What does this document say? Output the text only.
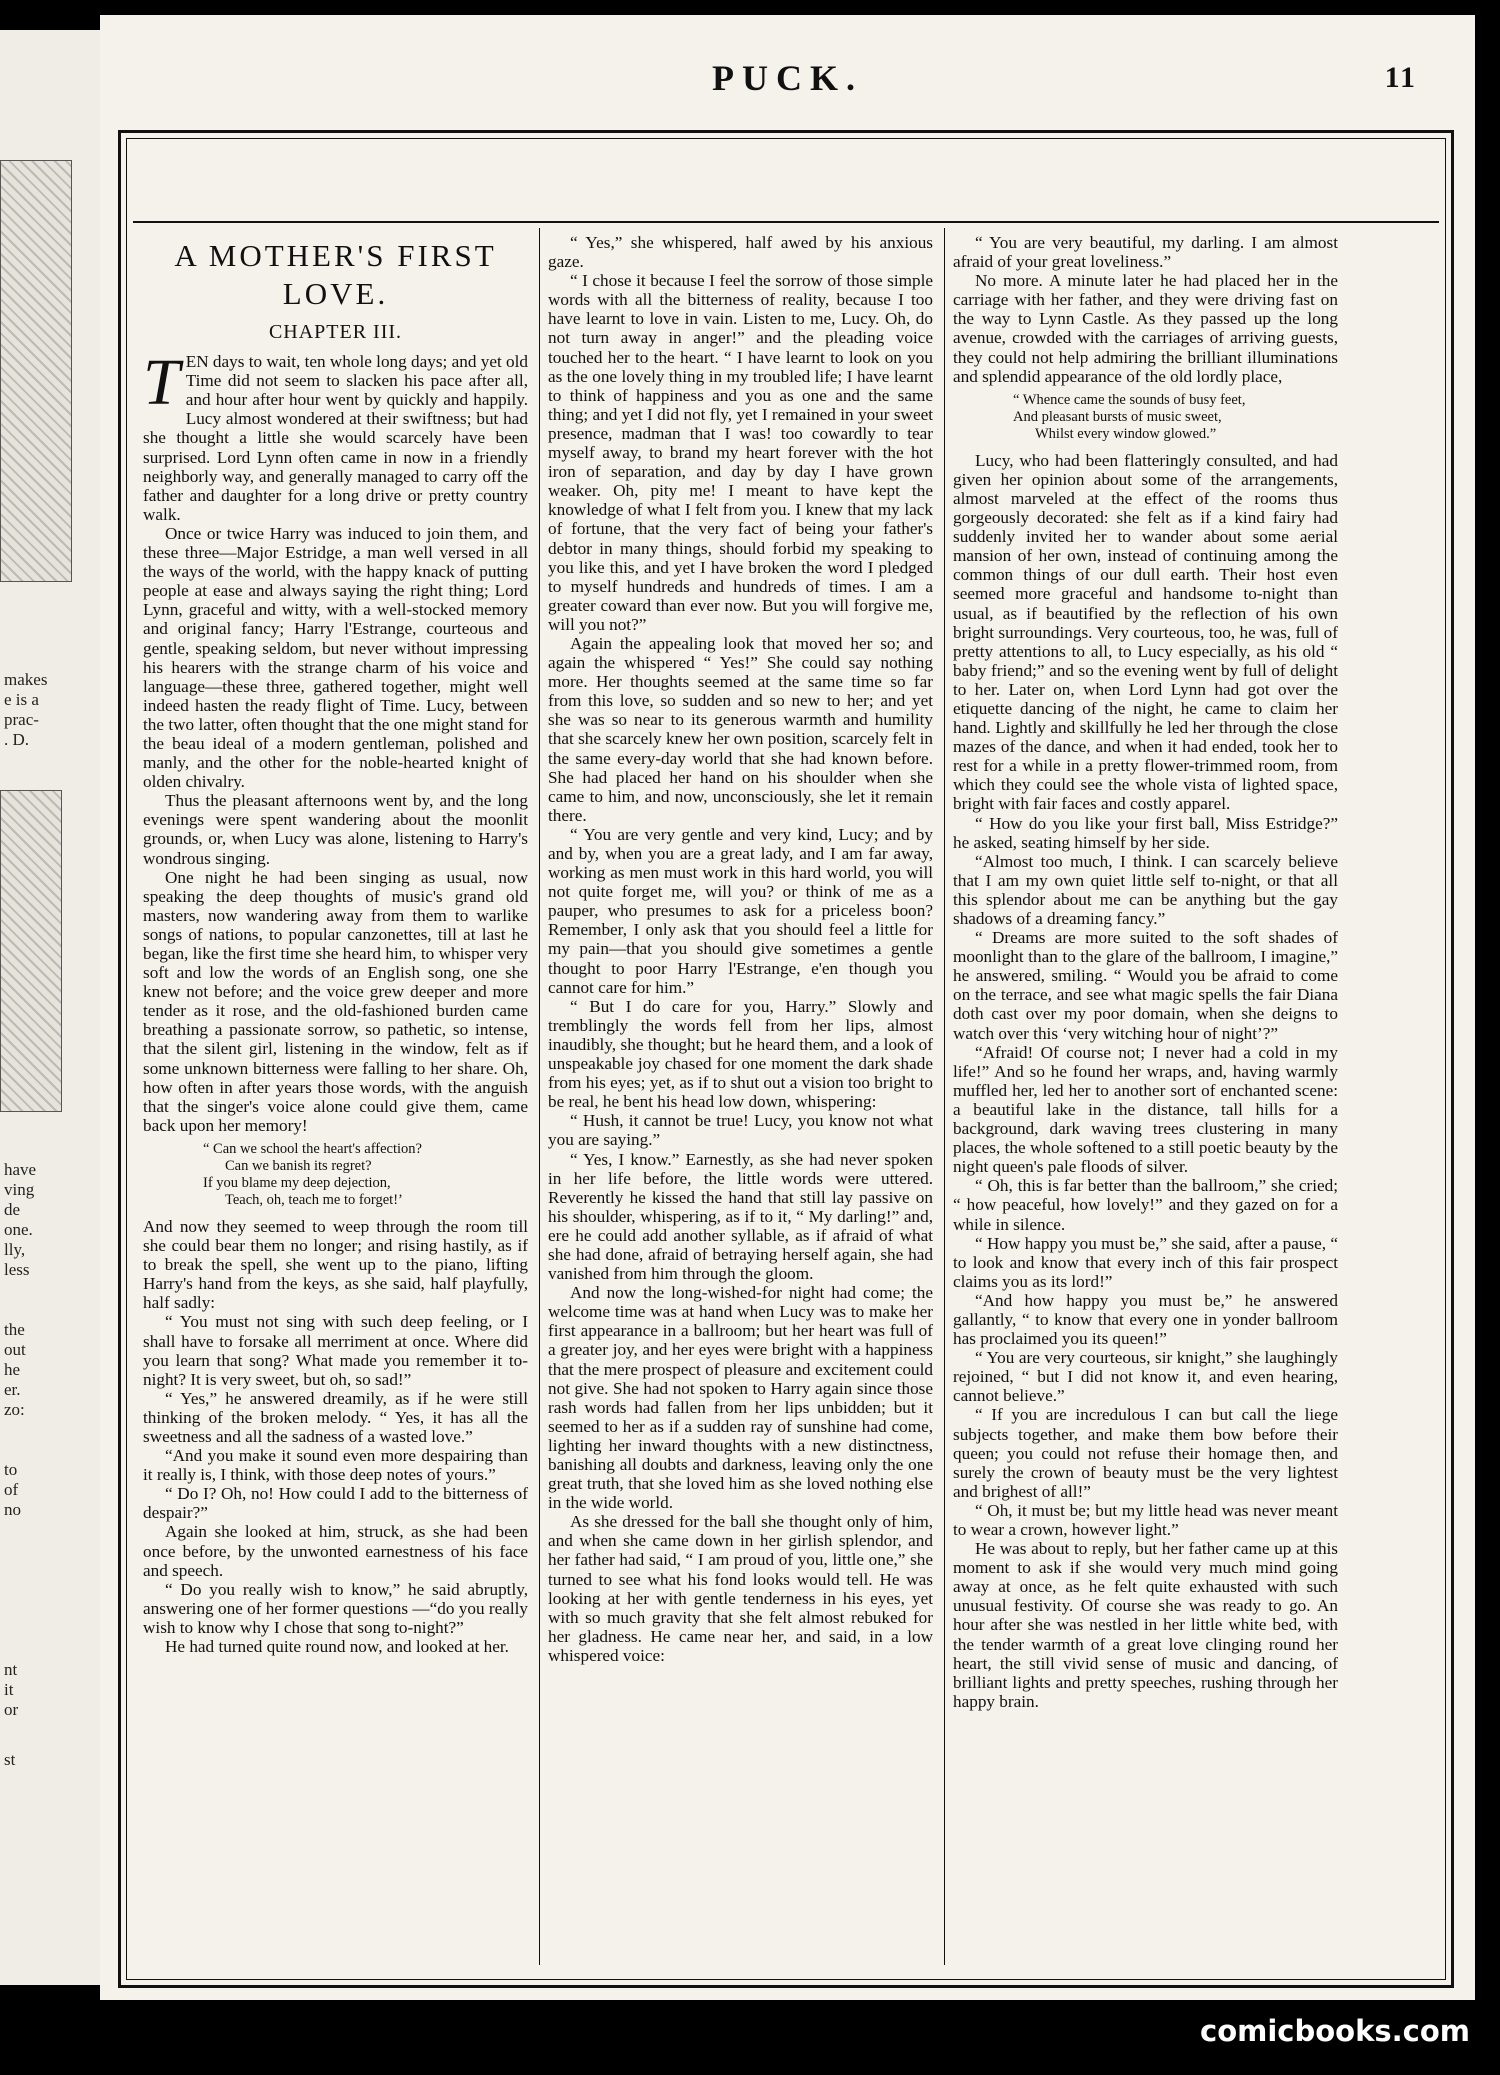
makes
e is a
prac-
. D.
have
ving
de
one.
lly,
less
the
out
he
er.
zo:
to
of
no
nt
it
or
st
PUCK.	11
A MOTHER'S FIRST LOVE.
CHAPTER III.
T EN days to wait, ten whole long days; and yet old Time did not seem to slacken his pace after all, and hour after hour went by quickly and happily. Lucy almost wondered at their swiftness; but had she thought a little she would scarcely have been surprised. Lord Lynn often came in now in a friendly neighborly way, and generally managed to carry off the father and daughter for a long drive or pretty country walk.

Once or twice Harry was induced to join them, and these three—Major Estridge, a man well versed in all the ways of the world, with the happy knack of putting people at ease and always saying the right thing; Lord Lynn, graceful and witty, with a well-stocked memory and original fancy; Harry l'Estrange, courteous and gentle, speaking seldom, but never without impressing his hearers with the strange charm of his voice and language—these three, gathered together, might well indeed hasten the ready flight of Time. Lucy, between the two latter, often thought that the one might stand for the beau ideal of a modern gentleman, polished and manly, and the other for the noble-hearted knight of olden chivalry.

Thus the pleasant afternoons went by, and the long evenings were spent wandering about the moonlit grounds, or, when Lucy was alone, listening to Harry's wondrous singing.

One night he had been singing as usual, now speaking the deep thoughts of music's grand old masters, now wandering away from them to warlike songs of nations, to popular canzonettes, till at last he began, like the first time she heard him, to whisper very soft and low the words of an English song, one she knew not before; and the voice grew deeper and more tender as it rose, and the old-fashioned burden came breathing a passionate sorrow, so pathetic, so intense, that the silent girl, listening in the window, felt as if some unknown bitterness were falling to her share. Oh, how often in after years those words, with the anguish that the singer's voice alone could give them, came back upon her memory!

“ Can we school the heart's affection?
Can we banish its regret?
If you blame my deep dejection,
Teach, oh, teach me to forget!’

And now they seemed to weep through the room till she could bear them no longer; and rising hastily, as if to break the spell, she went up to the piano, lifting Harry's hand from the keys, as she said, half playfully, half sadly:

“ You must not sing with such deep feeling, or I shall have to forsake all merriment at once. Where did you learn that song? What made you remember it to-night? It is very sweet, but oh, so sad!”

“ Yes,” he answered dreamily, as if he were still thinking of the broken melody. “ Yes, it has all the sweetness and all the sadness of a wasted love.”

“And you make it sound even more despairing than it really is, I think, with those deep notes of yours.”

“ Do I? Oh, no! How could I add to the bitterness of despair?”

Again she looked at him, struck, as she had been once before, by the unwonted earnestness of his face and speech.

“ Do you really wish to know,” he said abruptly, answering one of her former questions —“do you really wish to know why I chose that song to-night?”

He had turned quite round now, and looked at her.

“ Yes,” she whispered, half awed by his anxious gaze.

“ I chose it because I feel the sorrow of those simple words with all the bitterness of reality, because I too have learnt to love in vain. Listen to me, Lucy. Oh, do not turn away in anger!” and the pleading voice touched her to the heart. “ I have learnt to look on you as the one lovely thing in my troubled life; I have learnt to think of happiness and you as one and the same thing; and yet I did not fly, yet I remained in your sweet presence, madman that I was! too cowardly to tear myself away, to brand my heart forever with the hot iron of separation, and day by day I have grown weaker. Oh, pity me! I meant to have kept the knowledge of what I felt from you. I knew that my lack of fortune, that the very fact of being your father's debtor in many things, should forbid my speaking to you like this, and yet I have broken the word I pledged to myself hundreds and hundreds of times. I am a greater coward than ever now. But you will forgive me, will you not?”

Again the appealing look that moved her so; and again the whispered “ Yes!” She could say nothing more. Her thoughts seemed at the same time so far from this love, so sudden and so new to her; and yet she was so near to its generous warmth and humility that she scarcely knew her own position, scarcely felt in the same every-day world that she had known before. She had placed her hand on his shoulder when she came to him, and now, unconsciously, she let it remain there.

“ You are very gentle and very kind, Lucy; and by and by, when you are a great lady, and I am far away, working as men must work in this hard world, you will not quite forget me, will you? or think of me as a pauper, who presumes to ask for a priceless boon? Remember, I only ask that you should feel a little for my pain—that you should give sometimes a gentle thought to poor Harry l'Estrange, e'en though you cannot care for him.”

“ But I do care for you, Harry.” Slowly and tremblingly the words fell from her lips, almost inaudibly, she thought; but he heard them, and a look of unspeakable joy chased for one moment the dark shade from his eyes; yet, as if to shut out a vision too bright to be real, he bent his head low down, whispering:

“ Hush, it cannot be true! Lucy, you know not what you are saying.”

“ Yes, I know.” Earnestly, as she had never spoken in her life before, the little words were uttered. Reverently he kissed the hand that still lay passive on his shoulder, whispering, as if to it, “ My darling!” and, ere he could add another syllable, as if afraid of what she had done, afraid of betraying herself again, she had vanished from him through the gloom.

And now the long-wished-for night had come; the welcome time was at hand when Lucy was to make her first appearance in a ballroom; but her heart was full of a greater joy, and her eyes were bright with a happiness that the mere prospect of pleasure and excitement could not give. She had not spoken to Harry again since those rash words had fallen from her lips unbidden; but it seemed to her as if a sudden ray of sunshine had come, lighting her inward thoughts with a new distinctness, banishing all doubts and darkness, leaving only the one great truth, that she loved him as she loved nothing else in the wide world.

As she dressed for the ball she thought only of him, and when she came down in her girlish splendor, and her father had said, “ I am proud of you, little one,” she turned to see what his fond looks would tell. He was looking at her with gentle tenderness in his eyes, yet with so much gravity that she felt almost rebuked for her gladness. He came near her, and said, in a low whispered voice:

“ You are very beautiful, my darling. I am almost afraid of your great loveliness.”

No more. A minute later he had placed her in the carriage with her father, and they were driving fast on the way to Lynn Castle. As they passed up the long avenue, crowded with the carriages of arriving guests, they could not help admiring the brilliant illuminations and splendid appearance of the old lordly place,

“ Whence came the sounds of busy feet,
And pleasant bursts of music sweet,
Whilst every window glowed.”

Lucy, who had been flatteringly consulted, and had given her opinion about some of the arrangements, almost marveled at the effect of the rooms thus gorgeously decorated: she felt as if a kind fairy had suddenly invited her to wander about some aerial mansion of her own, instead of continuing among the common things of our dull earth. Their host even seemed more graceful and handsome to-night than usual, as if beautified by the reflection of his own bright surroundings. Very courteous, too, he was, full of pretty attentions to all, to Lucy especially, as his old “ baby friend;” and so the evening went by full of delight to her. Later on, when Lord Lynn had got over the etiquette dancing of the night, he came to claim her hand. Lightly and skillfully he led her through the close mazes of the dance, and when it had ended, took her to rest for a while in a pretty flower-trimmed room, from which they could see the whole vista of lighted space, bright with fair faces and costly apparel.

“ How do you like your first ball, Miss Estridge?” he asked, seating himself by her side.

“Almost too much, I think. I can scarcely believe that I am my own quiet little self to-night, or that all this splendor about me can be anything but the gay shadows of a dreaming fancy.”

“ Dreams are more suited to the soft shades of moonlight than to the glare of the ballroom, I imagine,” he answered, smiling. “ Would you be afraid to come on the terrace, and see what magic spells the fair Diana doth cast over my poor domain, when she deigns to watch over this ‘very witching hour of night’?”

“Afraid! Of course not; I never had a cold in my life!” And so he found her wraps, and, having warmly muffled her, led her to another sort of enchanted scene: a beautiful lake in the distance, tall hills for a background, dark waving trees clustering in many places, the whole softened to a still poetic beauty by the night queen's pale floods of silver.

“ Oh, this is far better than the ballroom,” she cried; “ how peaceful, how lovely!” and they gazed on for a while in silence.

“ How happy you must be,” she said, after a pause, “ to look and know that every inch of this fair prospect claims you as its lord!”

“And how happy you must be,” he answered gallantly, “ to know that every one in yonder ballroom has proclaimed you its queen!”

“ You are very courteous, sir knight,” she laughingly rejoined, “ but I did not know it, and even hearing, cannot believe.”

“ If you are incredulous I can but call the liege subjects together, and make them bow before their queen; you could not refuse their homage then, and surely the crown of beauty must be the very lightest and brighest of all!”

“ Oh, it must be; but my little head was never meant to wear a crown, however light.”

He was about to reply, but her father came up at this moment to ask if she would very much mind going away at once, as he felt quite exhausted with such unusual festivity. Of course she was ready to go. An hour after she was nestled in her little white bed, with the tender warmth of a great love clinging round her heart, the still vivid sense of music and dancing, of brilliant lights and pretty speeches, rushing through her happy brain.

comicbooks.com
